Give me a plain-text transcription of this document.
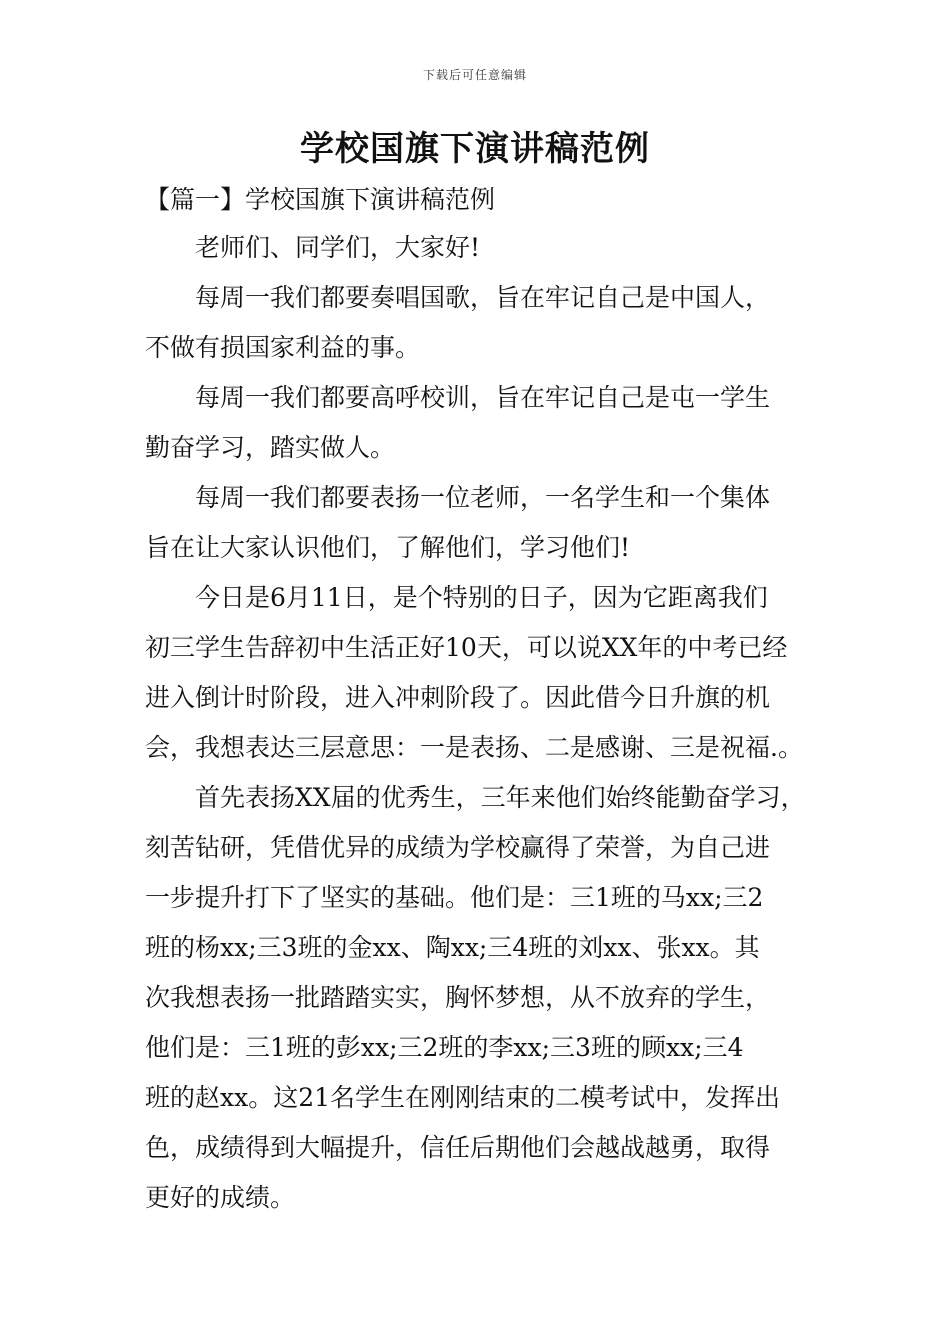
下载后可任意编辑
学校国旗下演讲稿范例

【篇一】学校国旗下演讲稿范例

老师们、同学们，大家好!

每周一我们都要奏唱国歌，旨在牢记自己是中国人，

不做有损国家利益的事。

每周一我们都要高呼校训，旨在牢记自己是屯一学生

勤奋学习，踏实做人。

每周一我们都要表扬一位老师，一名学生和一个集体

旨在让大家认识他们，了解他们，学习他们!

今日是6月11日，是个特别的日子，因为它距离我们

初三学生告辞初中生活正好10天，可以说XX年的中考已经

进入倒计时阶段，进入冲刺阶段了。因此借今日升旗的机

会，我想表达三层意思：一是表扬、二是感谢、三是祝福.。

首先表扬XX届的优秀生，三年来他们始终能勤奋学习，

刻苦钻研，凭借优异的成绩为学校赢得了荣誉，为自己进

一步提升打下了坚实的基础。他们是：三1班的马xx;三2

班的杨xx;三3班的金xx、陶xx;三4班的刘xx、张xx。其

次我想表扬一批踏踏实实，胸怀梦想，从不放弃的学生，

他们是：三1班的彭xx;三2班的李xx;三3班的顾xx;三4

班的赵xx。这21名学生在刚刚结束的二模考试中，发挥出

色，成绩得到大幅提升，信任后期他们会越战越勇，取得

更好的成绩。
